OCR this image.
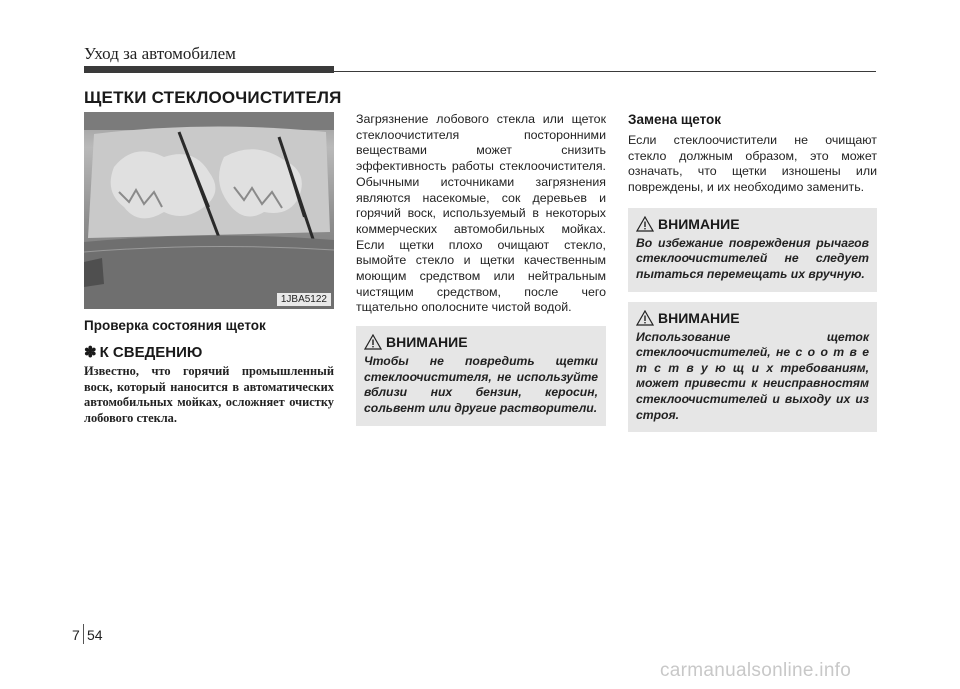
Уход за автомобилем
ЩЕТКИ СТЕКЛООЧИСТИТЕЛЯ
1JBA5122
Проверка состояния щеток
✽ К СВЕДЕНИЮ
Известно, что горячий промышленный воск, который наносится в автоматических автомобильных мойках, осложняет очистку лобового стекла.
Загрязнение лобового стекла или щеток стеклоочистителя посторонними веществами может снизить эффективность работы стеклоочистителя. Обычными источниками загрязнения являются насекомые, сок деревьев и горячий воск, используемый в некоторых коммерческих автомобильных мойках. Если щетки плохо очищают стекло, вымойте стекло и щетки качественным моющим средством или нейтральным чистящим средством, после чего тщательно ополосните чистой водой.
ВНИМАНИЕ
Чтобы не повредить щетки стеклоочистителя, не используйте вблизи них бензин, керосин, сольвент или другие растворители.
Замена щеток
Если стеклоочистители не очищают стекло должным образом, это может означать, что щетки изношены или повреждены, и их необходимо заменить.
ВНИМАНИЕ
Во избежание повреждения рычагов стеклоочистителей не следует пытаться перемещать их вручную.
ВНИМАНИЕ
Использование щеток стеклоочистителей, не с о о т в е т с т в у ю щ и х требованиям, может привести к неисправностям стеклоочистителей и выходу их из строя.
7 54
carmanualsonline.info
